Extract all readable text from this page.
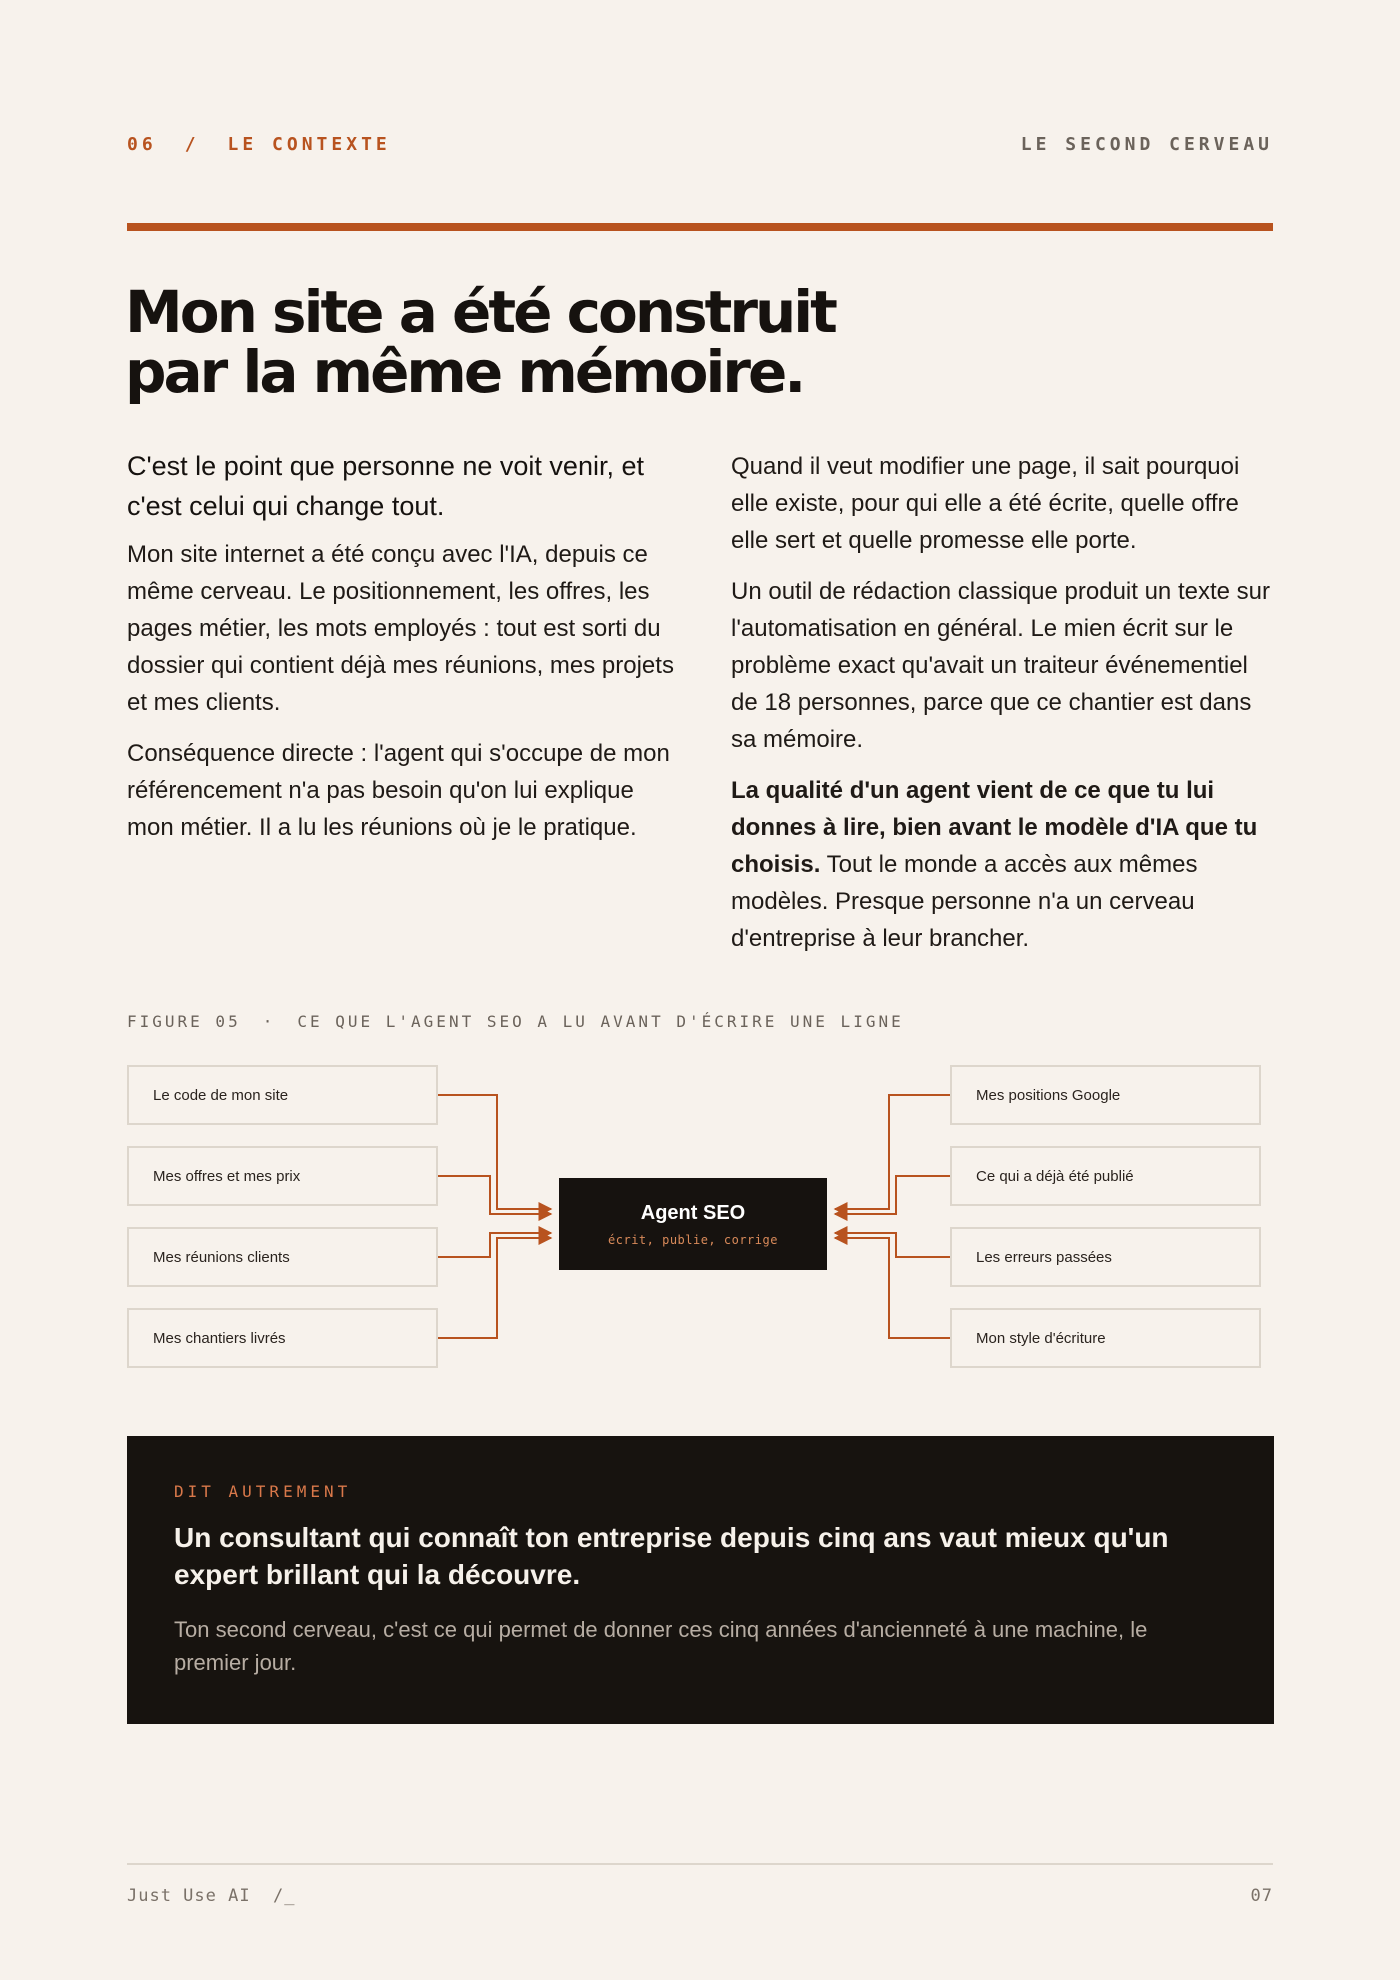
06 / LE CONTEXTE	LE SECOND CERVEAU
Mon site a été construit
par la même mémoire.

C'est le point que personne ne voit venir, et c'est celui qui change tout.

Mon site internet a été conçu avec l'IA, depuis ce même cerveau. Le positionnement, les offres, les pages métier, les mots employés : tout est sorti du dossier qui contient déjà mes réunions, mes projets et mes clients.

Conséquence directe : l'agent qui s'occupe de mon référencement n'a pas besoin qu'on lui explique mon métier. Il a lu les réunions où je le pratique.

Quand il veut modifier une page, il sait pourquoi elle existe, pour qui elle a été écrite, quelle offre elle sert et quelle promesse elle porte.

Un outil de rédaction classique produit un texte sur l'automatisation en général. Le mien écrit sur le problème exact qu'avait un traiteur événementiel de 18 personnes, parce que ce chantier est dans sa mémoire.

La qualité d'un agent vient de ce que tu lui donnes à lire, bien avant le modèle d'IA que tu choisis. Tout le monde a accès aux mêmes modèles. Presque personne n'a un cerveau d'entreprise à leur brancher.

FIGURE 05 · CE QUE L'AGENT SEO A LU AVANT D'ÉCRIRE UNE LIGNE
Le code de mon site
Mes offres et mes prix
Mes réunions clients
Mes chantiers livrés
Mes positions Google
Ce qui a déjà été publié
Les erreurs passées
Mon style d'écriture
Agent SEO
écrit, publie, corrige
DIT AUTREMENT
Un consultant qui connaît ton entreprise depuis cinq ans vaut mieux qu'un expert brillant qui la découvre.
Ton second cerveau, c'est ce qui permet de donner ces cinq années d'ancienneté à une machine, le premier jour.
Just Use AI  /_	07
